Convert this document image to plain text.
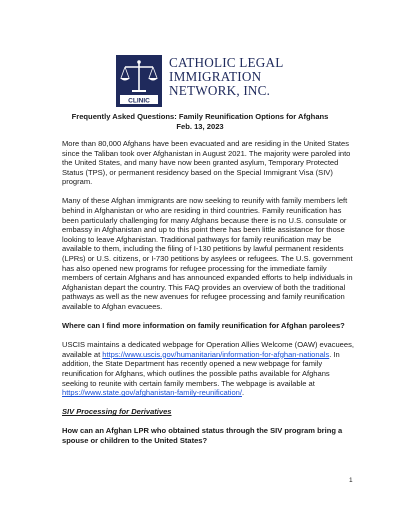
CLINIC
CATHOLIC LEGAL
IMMIGRATION
NETWORK, INC.
Frequently Asked Questions: Family Reunification Options for Afghans
Feb. 13, 2023

More than 80,000 Afghans have been evacuated and are residing in the United States since the Taliban took over Afghanistan in August 2021. The majority were paroled into the United States, and many have now been granted asylum, Temporary Protected Status (TPS), or permanent residency based on the Special Immigrant Visa (SIV) program.

Many of these Afghan immigrants are now seeking to reunify with family members left behind in Afghanistan or who are residing in third countries. Family reunification has been particularly challenging for many Afghans because there is no U.S. consulate or embassy in Afghanistan and up to this point there has been little assistance for those looking to leave Afghanistan. Traditional pathways for family reunification may be available to them, including the filing of I-130 petitions by lawful permanent residents (LPRs) or U.S. citizens, or I-730 petitions by asylees or refugees. The U.S. government has also opened new programs for refugee processing for the immediate family members of certain Afghans and has announced expanded efforts to help individuals in Afghanistan depart the country. This FAQ provides an overview of both the traditional pathways as well as the new avenues for refugee processing and family reunification available to Afghan evacuees.

Where can I find more information on family reunification for Afghan parolees?

USCIS maintains a dedicated webpage for Operation Allies Welcome (OAW) evacuees, available at https://www.uscis.gov/humanitarian/information-for-afghan-nationals. In addition, the State Department has recently opened a new webpage for family reunification for Afghans, which outlines the possible paths available for Afghans seeking to reunite with certain family members. The webpage is available at https://www.state.gov/afghanistan-family-reunification/.

SIV Processing for Derivatives
How can an Afghan LPR who obtained status through the SIV program bring a spouse or children to the United States?
1
